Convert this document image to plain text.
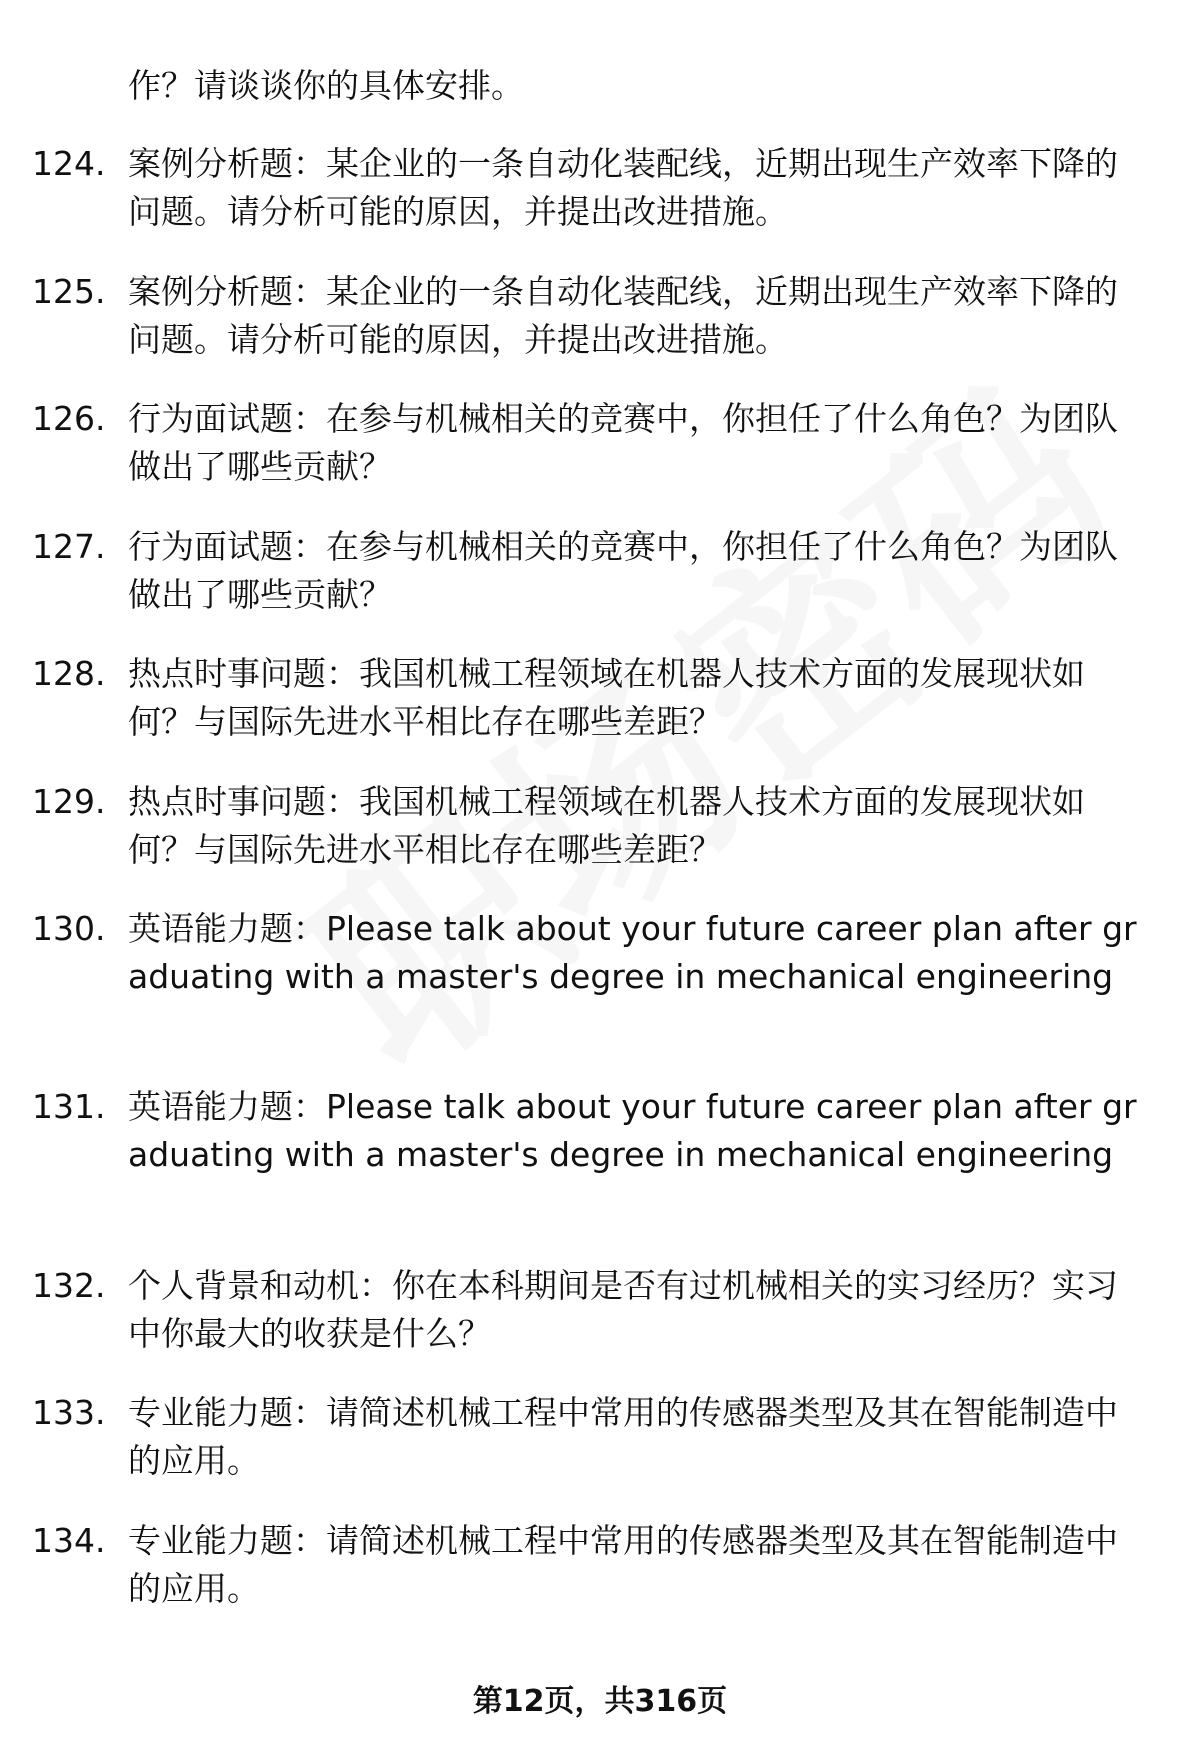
作？请谈谈你的具体安排。
124. 案例分析题：某企业的一条自动化装配线，近期出现生产效率下降的问题。请分析可能的原因，并提出改进措施。
125. 案例分析题：某企业的一条自动化装配线，近期出现生产效率下降的问题。请分析可能的原因，并提出改进措施。
126. 行为面试题：在参与机械相关的竞赛中，你担任了什么角色？为团队做出了哪些贡献？
127. 行为面试题：在参与机械相关的竞赛中，你担任了什么角色？为团队做出了哪些贡献？
128. 热点时事问题：我国机械工程领域在机器人技术方面的发展现状如何？与国际先进水平相比存在哪些差距？
129. 热点时事问题：我国机械工程领域在机器人技术方面的发展现状如何？与国际先进水平相比存在哪些差距？
130. 英语能力题：Please talk about your future career plan after graduating with a master's degree in mechanical engineering
131. 英语能力题：Please talk about your future career plan after graduating with a master's degree in mechanical engineering
132. 个人背景和动机：你在本科期间是否有过机械相关的实习经历？实习中你最大的收获是什么？
133. 专业能力题：请简述机械工程中常用的传感器类型及其在智能制造中的应用。
134. 专业能力题：请简述机械工程中常用的传感器类型及其在智能制造中的应用。
第12页，共316页
